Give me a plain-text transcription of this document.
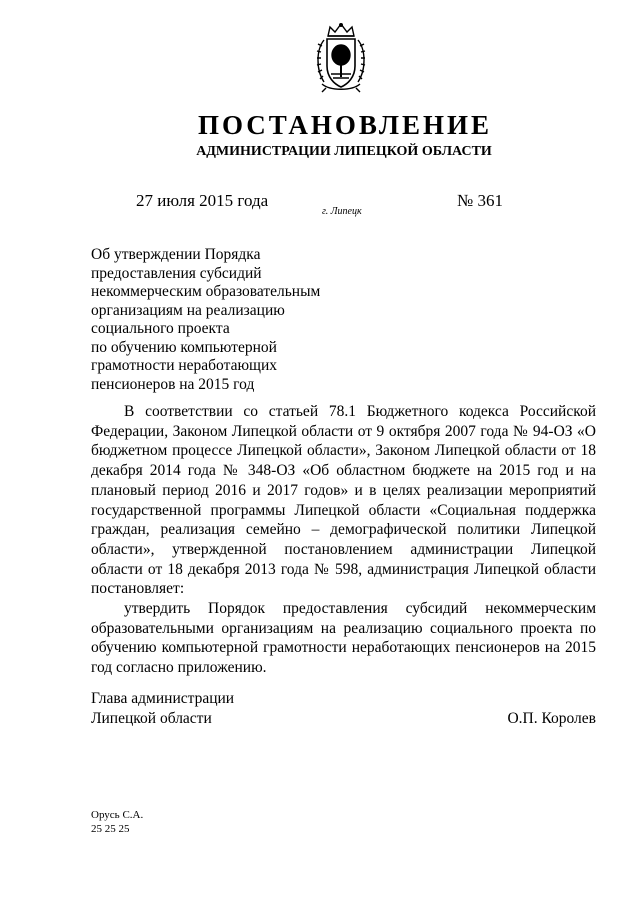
ПОСТАНОВЛЕНИЕ
АДМИНИСТРАЦИИ ЛИПЕЦКОЙ ОБЛАСТИ
27 июля 2015 года
г. Липецк
№ 361
Об утверждении Порядка
предоставления субсидий
некоммерческим образовательным
организациям на реализацию
социального проекта
по обучению компьютерной
грамотности неработающих
пенсионеров на 2015 год

В соответствии со статьей 78.1 Бюджетного кодекса Российской Федерации, Законом Липецкой области от 9 октября 2007 года № 94-ОЗ «О бюджетном процессе Липецкой области», Законом Липецкой области от 18 декабря 2014 года № 348-ОЗ «Об областном бюджете на 2015 год и на плановый период 2016 и 2017 годов» и в целях реализации мероприятий государственной программы Липецкой области «Социальная поддержка граждан, реализация семейно – демографической политики Липецкой области», утвержденной постановлением администрации Липецкой области от 18 декабря 2013 года № 598, администрация Липецкой области постановляет:

утвердить Порядок предоставления субсидий некоммерческим образовательными организациям на реализацию социального проекта по обучению компьютерной грамотности неработающих пенсионеров на 2015 год согласно приложению.

Глава администрации
Липецкой области	О.П. Королев
Орусь С.А.
25 25 25
